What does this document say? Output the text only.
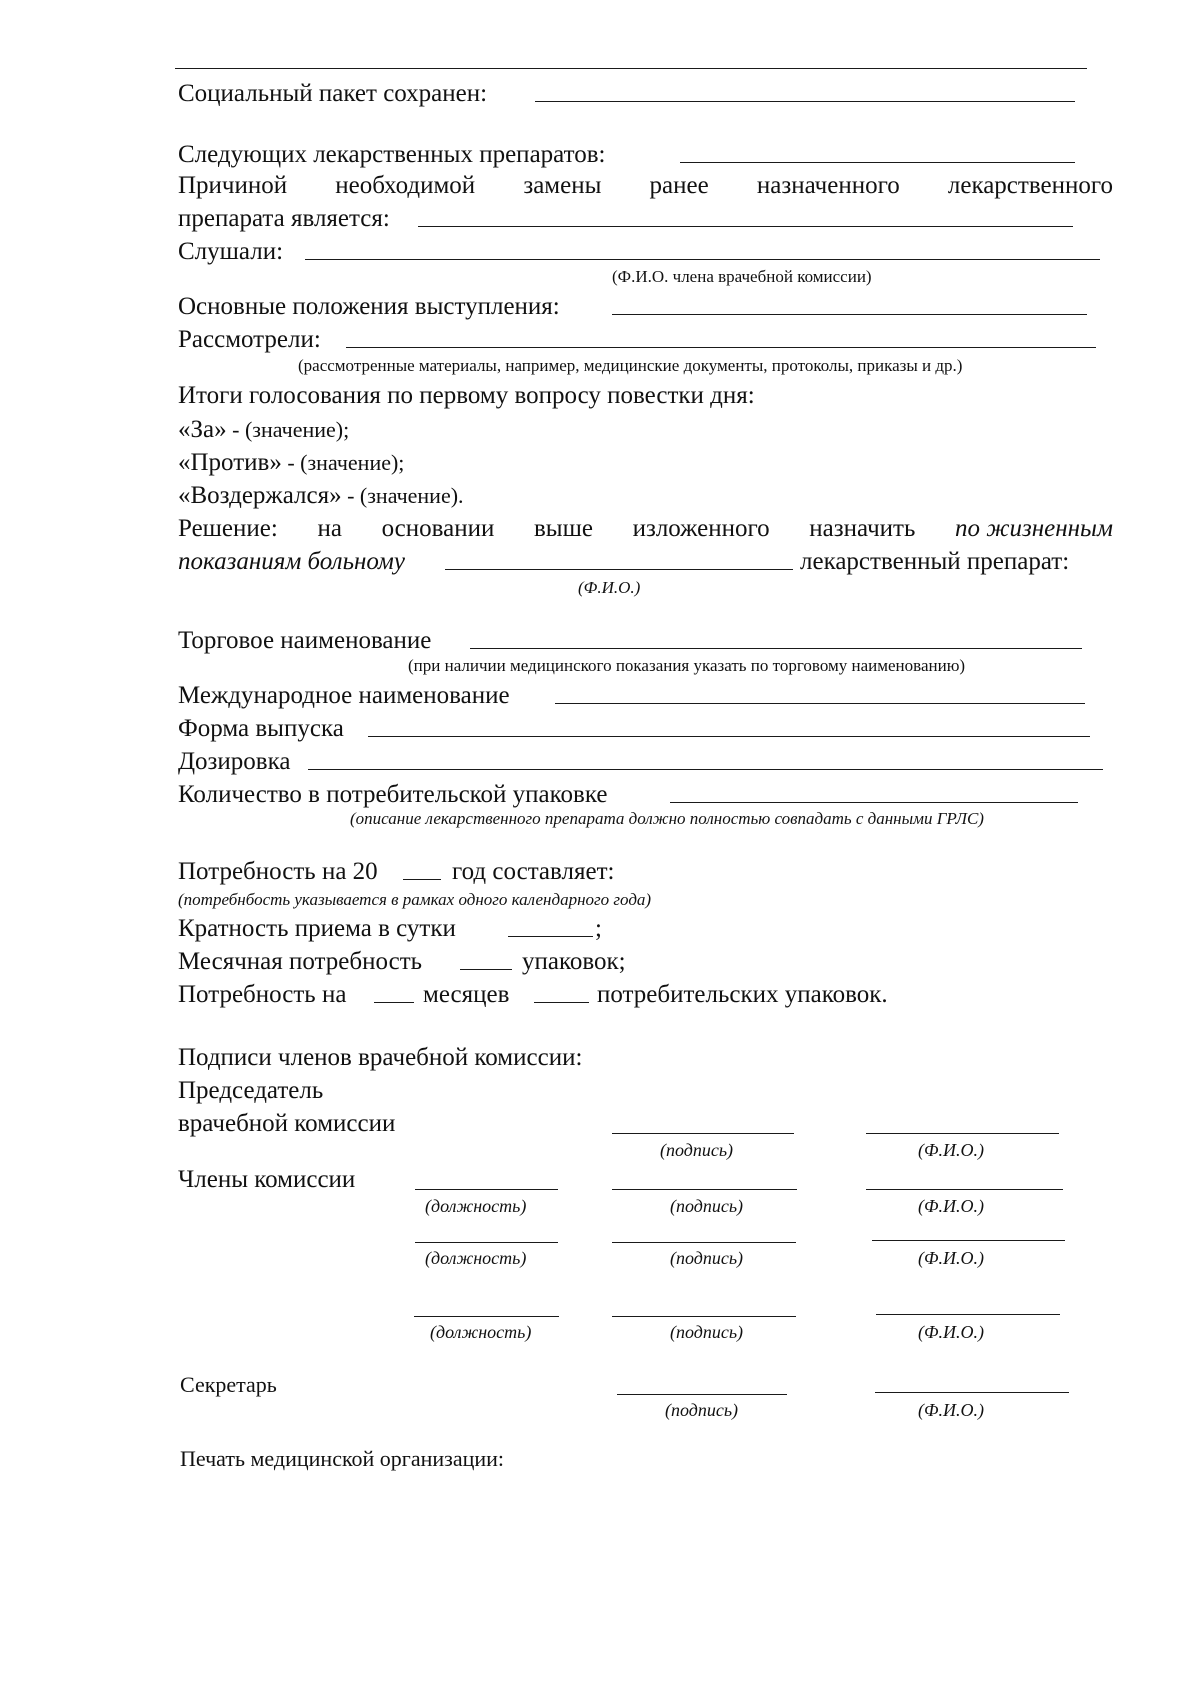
Социальный пакет сохранен:
Следующих лекарственных препаратов:
Причиной необходимой замены ранее назначенного лекарственного
препарата является:
Слушали:
(Ф.И.О. члена врачебной комиссии)
Основные положения выступления:
Рассмотрели:
(рассмотренные материалы, например, медицинские документы, протоколы, приказы и др.)
Итоги голосования по первому вопросу повестки дня:
«За» - (значение);
«Против» - (значение);
«Воздержался» - (значение).
Решение: на основании выше изложенного назначить по жизненным
показаниям больному	лекарственный препарат:
(Ф.И.О.)
Торговое наименование
(при наличии медицинского показания указать по торговому наименованию)
Международное наименование
Форма выпуска
Дозировка
Количество в потребительской упаковке
(описание лекарственного препарата должно полностью совпадать с данными ГРЛС)
Потребность на 20	год составляет:
(потребнбость указывается в рамках одного календарного года)
Кратность приема в сутки	;
Месячная потребность	упаковок;
Потребность на	месяцев	потребительских упаковок.
Подписи членов врачебной комиссии:
Председатель
врачебной комиссии
(подпись)	(Ф.И.О.)
Члены комиссии
(должность)	(подпись)	(Ф.И.О.)
(должность)	(подпись)	(Ф.И.О.)
(должность)	(подпись)	(Ф.И.О.)
Секретарь
(подпись)	(Ф.И.О.)
Печать медицинской организации:
